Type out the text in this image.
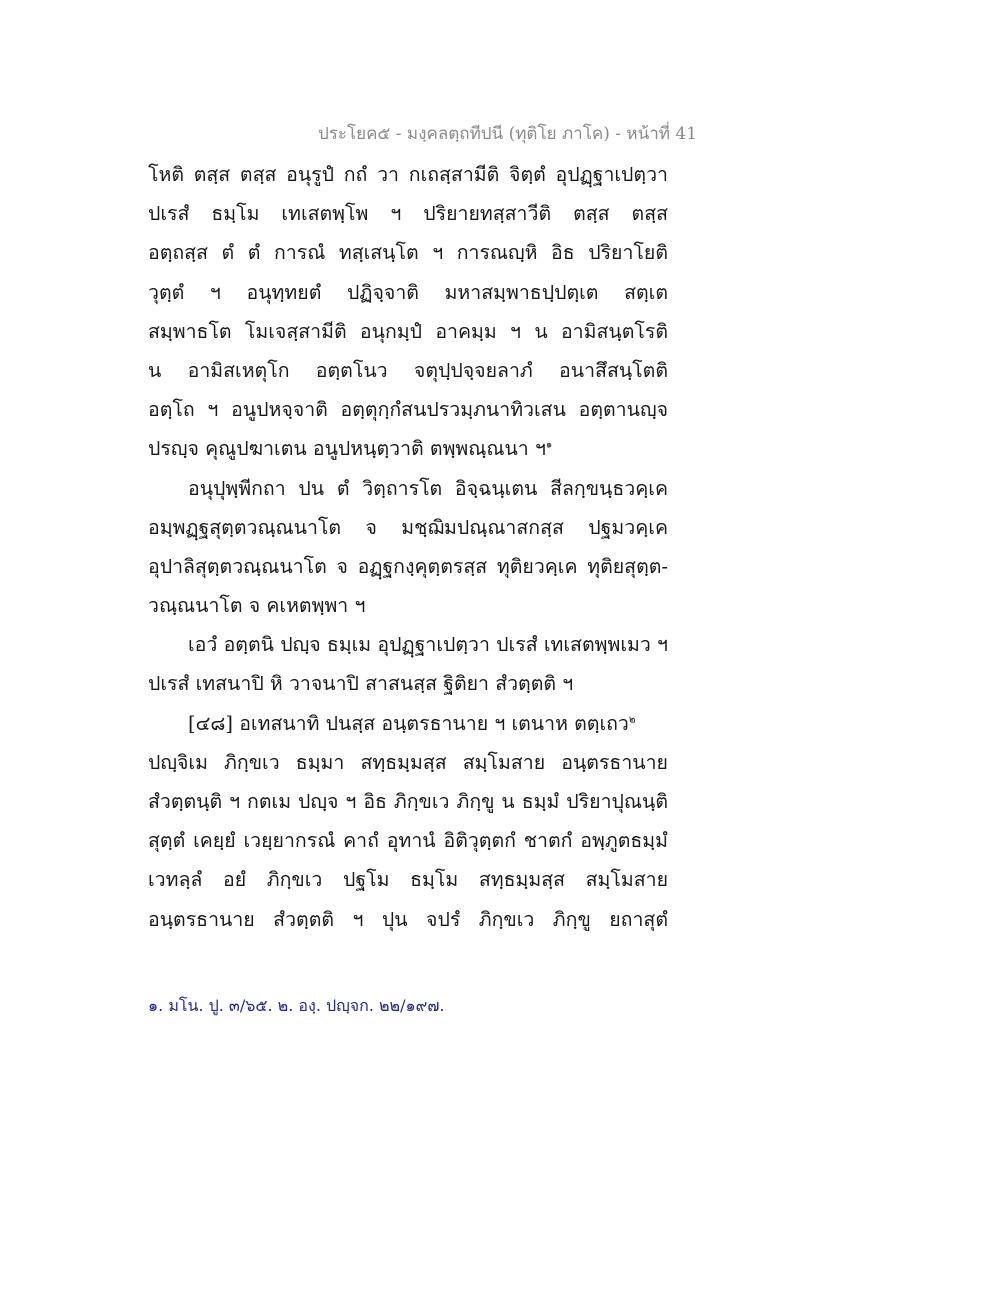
ประโยค๕ - มงฺคลตฺถทีปนี (ทุติโย ภาโค) - หน้าที่ 41
โหติ ตสฺส ตสฺส อนุรูปํ กถํ วา กเถสฺสามีติ จิตฺตํ อุปฏฺฐาเปตฺวา
ปเรสํ ธมฺโม เทเสตพฺโพ ฯ ปริยายทสฺสาวีติ ตสฺส ตสฺส
อตฺถสฺส ตํ ตํ การณํ ทสฺเสนฺโต ฯ การณญฺหิ อิธ ปริยาโยติ
วุตฺตํ ฯ อนุทฺทยตํ ปฏิจฺจาติ มหาสมฺพาธปฺปตฺเต สตฺเต
สมฺพาธโต โมเจสฺสามีติ อนุกมฺปํ อาคมฺม ฯ น อามิสนฺตโรติ
น อามิสเหตุโก อตฺตโนว จตุปฺปจฺจยลาภํ อนาสึสนฺโตติ
อตฺโถ ฯ อนูปหจฺจาติ อตฺตุกฺกํสนปรวมฺภนาทิวเสน อตฺตานญฺจ
ปรญฺจ คุณูปฆาเตน อนูปหนฺตฺวาติ ตพฺพณฺณนา ฯ$^๑$
อนุปุพฺพีกถา ปน ตํ วิตฺถารโต อิจฺฉนฺเตน สีลกฺขนฺธวคฺเค
อมฺพฏฺฐสุตฺตวณฺณนาโต จ มชฺฌิมปณฺณาสกสฺส ปฐมวคฺเค
อุปาลิสุตฺตวณฺณนาโต จ อฏฺฐกงฺคุตฺตรสฺส ทุติยวคฺเค ทุติยสุตฺต-
วณฺณนาโต จ คเหตพฺพา ฯ
เอวํ อตฺตนิ ปญฺจ ธมฺเม อุปฏฺฐาเปตฺวา ปเรสํ เทเสตพฺพเมว ฯ
ปเรสํ เทสนาปิ หิ วาจนาปิ สาสนสฺส ฐิติยา สํวตฺตติ ฯ
[๔๘] อเทสนาทิ ปนสฺส อนฺตรธานาย ฯ เตนาห ตตฺเถว$^๒$
ปญฺจิเม ภิกฺขเว ธมฺมา สทฺธมฺมสฺส สมฺโมสาย อนฺตรธานาย
สํวตฺตนฺติ ฯ กตเม ปญฺจ ฯ อิธ ภิกฺขเว ภิกฺขู น ธมฺมํ ปริยาปุณนฺติ
สุตฺตํ เคยฺยํ เวยฺยากรณํ คาถํ อุทานํ อิติวุตฺตกํ ชาตกํ อพฺภูตธมฺมํ
เวทลฺลํ อยํ ภิกฺขเว ปฐโม ธมฺโม สทฺธมฺมสฺส สมฺโมสาย
อนฺตรธานาย สํวตฺตติ ฯ ปุน จปรํ ภิกฺขเว ภิกฺขู ยถาสุตํ
๑. มโน. ปู. ๓/๖๕. ๒. องฺ. ปญฺจก. ๒๒/๑๙๗.
